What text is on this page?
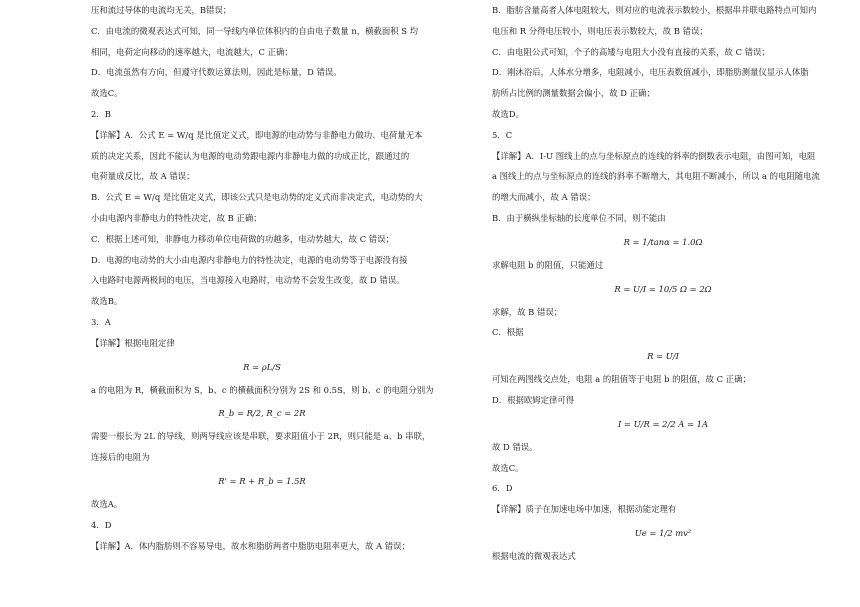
压和流过导体的电流均无关，B错误；

C．由电流的微观表达式可知，同一导线内单位体积内的自由电子数量 n，横截面积 S 均

相同，电荷定向移动的速率越大，电流越大，C 正确；

D．电流虽然有方向，但遵守代数运算法则，因此是标量，D 错误。

故选C。

2．B

【详解】A．公式 E = W/q 是比值定义式，即电源的电动势与非静电力做功、电荷量无本

质的决定关系，因此不能认为电源的电动势跟电源内非静电力做的功成正比，跟通过的

电荷量成反比，故 A 错误；

B．公式 E = W/q 是比值定义式，即该公式只是电动势的定义式而非决定式，电动势的大

小由电源内非静电力的特性决定，故 B 正确；

C．根据上述可知，非静电力移动单位电荷做的功越多，电动势越大，故 C 错误；

D．电源的电动势的大小由电源内非静电力的特性决定，电源的电动势等于电源没有接

入电路时电源两极间的电压，当电源接入电路时，电动势不会发生改变，故 D 错误。

故选B。

3．A

【详解】根据电阻定律

R = ρL/S

a 的电阻为 R，横截面积为 S，b、c 的横截面积分别为 2S 和 0.5S，则 b、c 的电阻分别为

R_b = R/2, R_c = 2R

需要一根长为 2L 的导线，则两导线应该是串联，要求阻值小于 2R，则只能是 a、b 串联，

连接后的电阻为

R' = R + R_b = 1.5R

故选A。

4．D

【详解】A．体内脂肪则不容易导电，故水和脂肪两者中脂肪电阻率更大，故 A 错误；

B．脂肪含量高者人体电阻较大，则对应的电流表示数较小，根据串并联电路特点可知内

电压和 R 分得电压较小，则电压表示数较大，故 B 错误；

C．由电阻公式可知，个子的高矮与电阻大小没有直接的关系，故 C 错误；

D．刚沐浴后，人体水分增多，电阻减小，电压表数值减小，即脂肪测量仪显示人体脂

肪所占比例的测量数据会偏小，故 D 正确；

故选D。

5．C

【详解】A．I-U 图线上的点与坐标原点的连线的斜率的倒数表示电阻，由图可知，电阻

a 图线上的点与坐标原点的连线的斜率不断增大，其电阻不断减小，所以 a 的电阻随电流

的增大而减小，故 A 错误；

B．由于横纵坐标轴的长度单位不同，则不能由

R = 1/tanα = 1.0Ω

求解电阻 b 的阻值，只能通过

R = U/I = 10/5 Ω = 2Ω

求解，故 B 错误；

C．根据

R = U/I

可知在两图线交点处，电阻 a 的阻值等于电阻 b 的阻值，故 C 正确；

D．根据欧姆定律可得

I = U/R = 2/2 A = 1A

故 D 错误。

故选C。

6．D

【详解】质子在加速电场中加速，根据动能定理有

Ue = 1/2 mv²

根据电流的微观表达式
